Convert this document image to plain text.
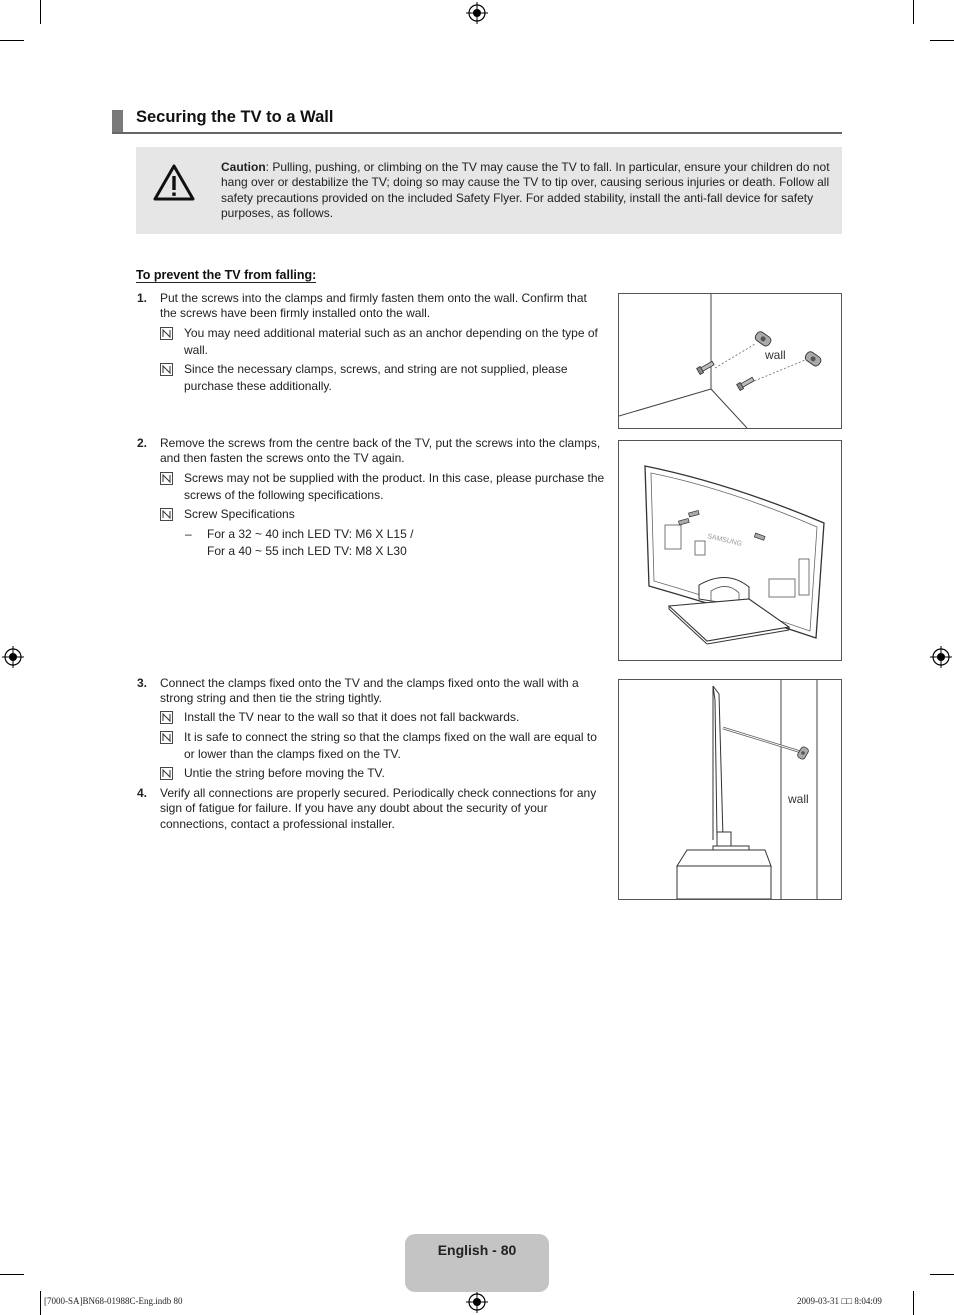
Securing the TV to a Wall
Caution: Pulling, pushing, or climbing on the TV may cause the TV to fall. In particular, ensure your children do not hang over or destabilize the TV; doing so may cause the TV to tip over, causing serious injuries or death. Follow all safety precautions provided on the included Safety Flyer. For added stability, install the anti-fall device for safety purposes, as follows.
To prevent the TV from falling:
1. Put the screws into the clamps and firmly fasten them onto the wall. Confirm that the screws have been firmly installed onto the wall.
You may need additional material such as an anchor depending on the type of wall.
Since the necessary clamps, screws, and string are not supplied, please purchase these additionally.
2. Remove the screws from the centre back of the TV, put the screws into the clamps, and then fasten the screws onto the TV again.
Screws may not be supplied with the product. In this case, please purchase the screws of the following specifications.
Screw Specifications
– For a 32 ~ 40 inch LED TV: M6 X L15 /
For a 40 ~ 55 inch LED TV: M8 X L30
3. Connect the clamps fixed onto the TV and the clamps fixed onto the wall with a strong string and then tie the string tightly.
Install the TV near to the wall so that it does not fall backwards.
It is safe to connect the string so that the clamps fixed on the wall are equal to or lower than the clamps fixed on the TV.
Untie the string before moving the TV.
4. Verify all connections are properly secured. Periodically check connections for any sign of fatigue for failure. If you have any doubt about the security of your connections, contact a professional installer.
wall
SAMSUNG
wall
English - 80
[7000-SA]BN68-01988C-Eng.indb 80	2009-03-31 □□ 8:04:09
